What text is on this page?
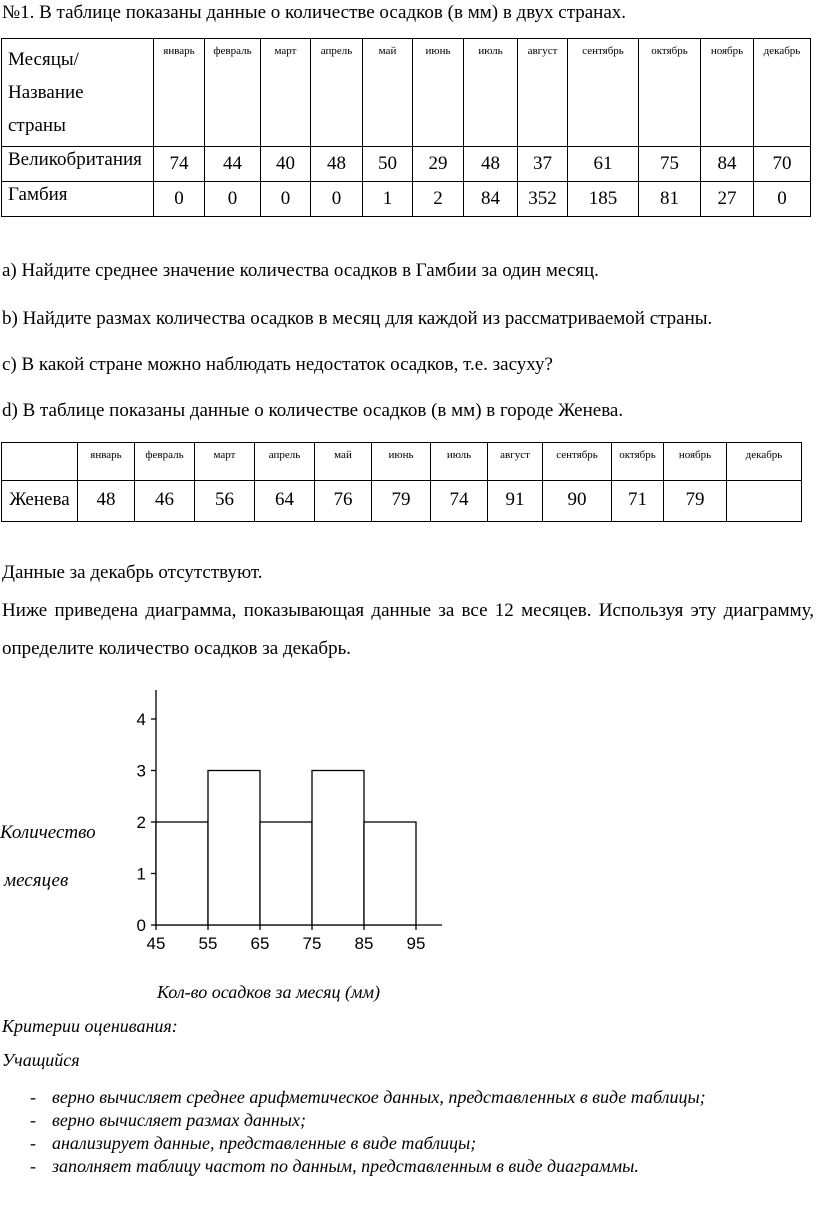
№1. В таблице показаны данные о количестве осадков (в мм) в двух странах.
Месяцы/
Название
страны	январь	февраль	март	апрель	май	июнь	июль	август	сентябрь	октябрь	ноябрь	декабрь
Великобритания	74	44	40	48	50	29	48	37	61	75	84	70
Гамбия	0	0	0	0	1	2	84	352	185	81	27	0
a) Найдите среднее значение количества осадков в Гамбии за один месяц.
b) Найдите размах количества осадков в месяц для каждой из рассматриваемой страны.
c) В какой стране можно наблюдать недостаток осадков, т.е. засуху?
d) В таблице показаны данные о количестве осадков (в мм) в городе Женева.
	январь	февраль	март	апрель	май	июнь	июль	август	сентябрь	октябрь	ноябрь	декабрь
Женева	48	46	56	64	76	79	74	91	90	71	79	
Данные за декабрь отсутствуют.
Ниже приведена диаграмма, показывающая данные за все 12 месяцев. Используя эту диаграмму,
определите количество осадков за декабрь.
Количество
месяцев
0
1
2
3
4
45 55 65 75 85 95
Кол-во осадков за месяц (мм)
Критерии оценивания:
Учащийся
- верно вычисляет среднее арифметическое данных, представленных в виде таблицы;
- верно вычисляет размах данных;
- анализирует данные, представленные в виде таблицы;
- заполняет таблицу частот по данным, представленным в виде диаграммы.
